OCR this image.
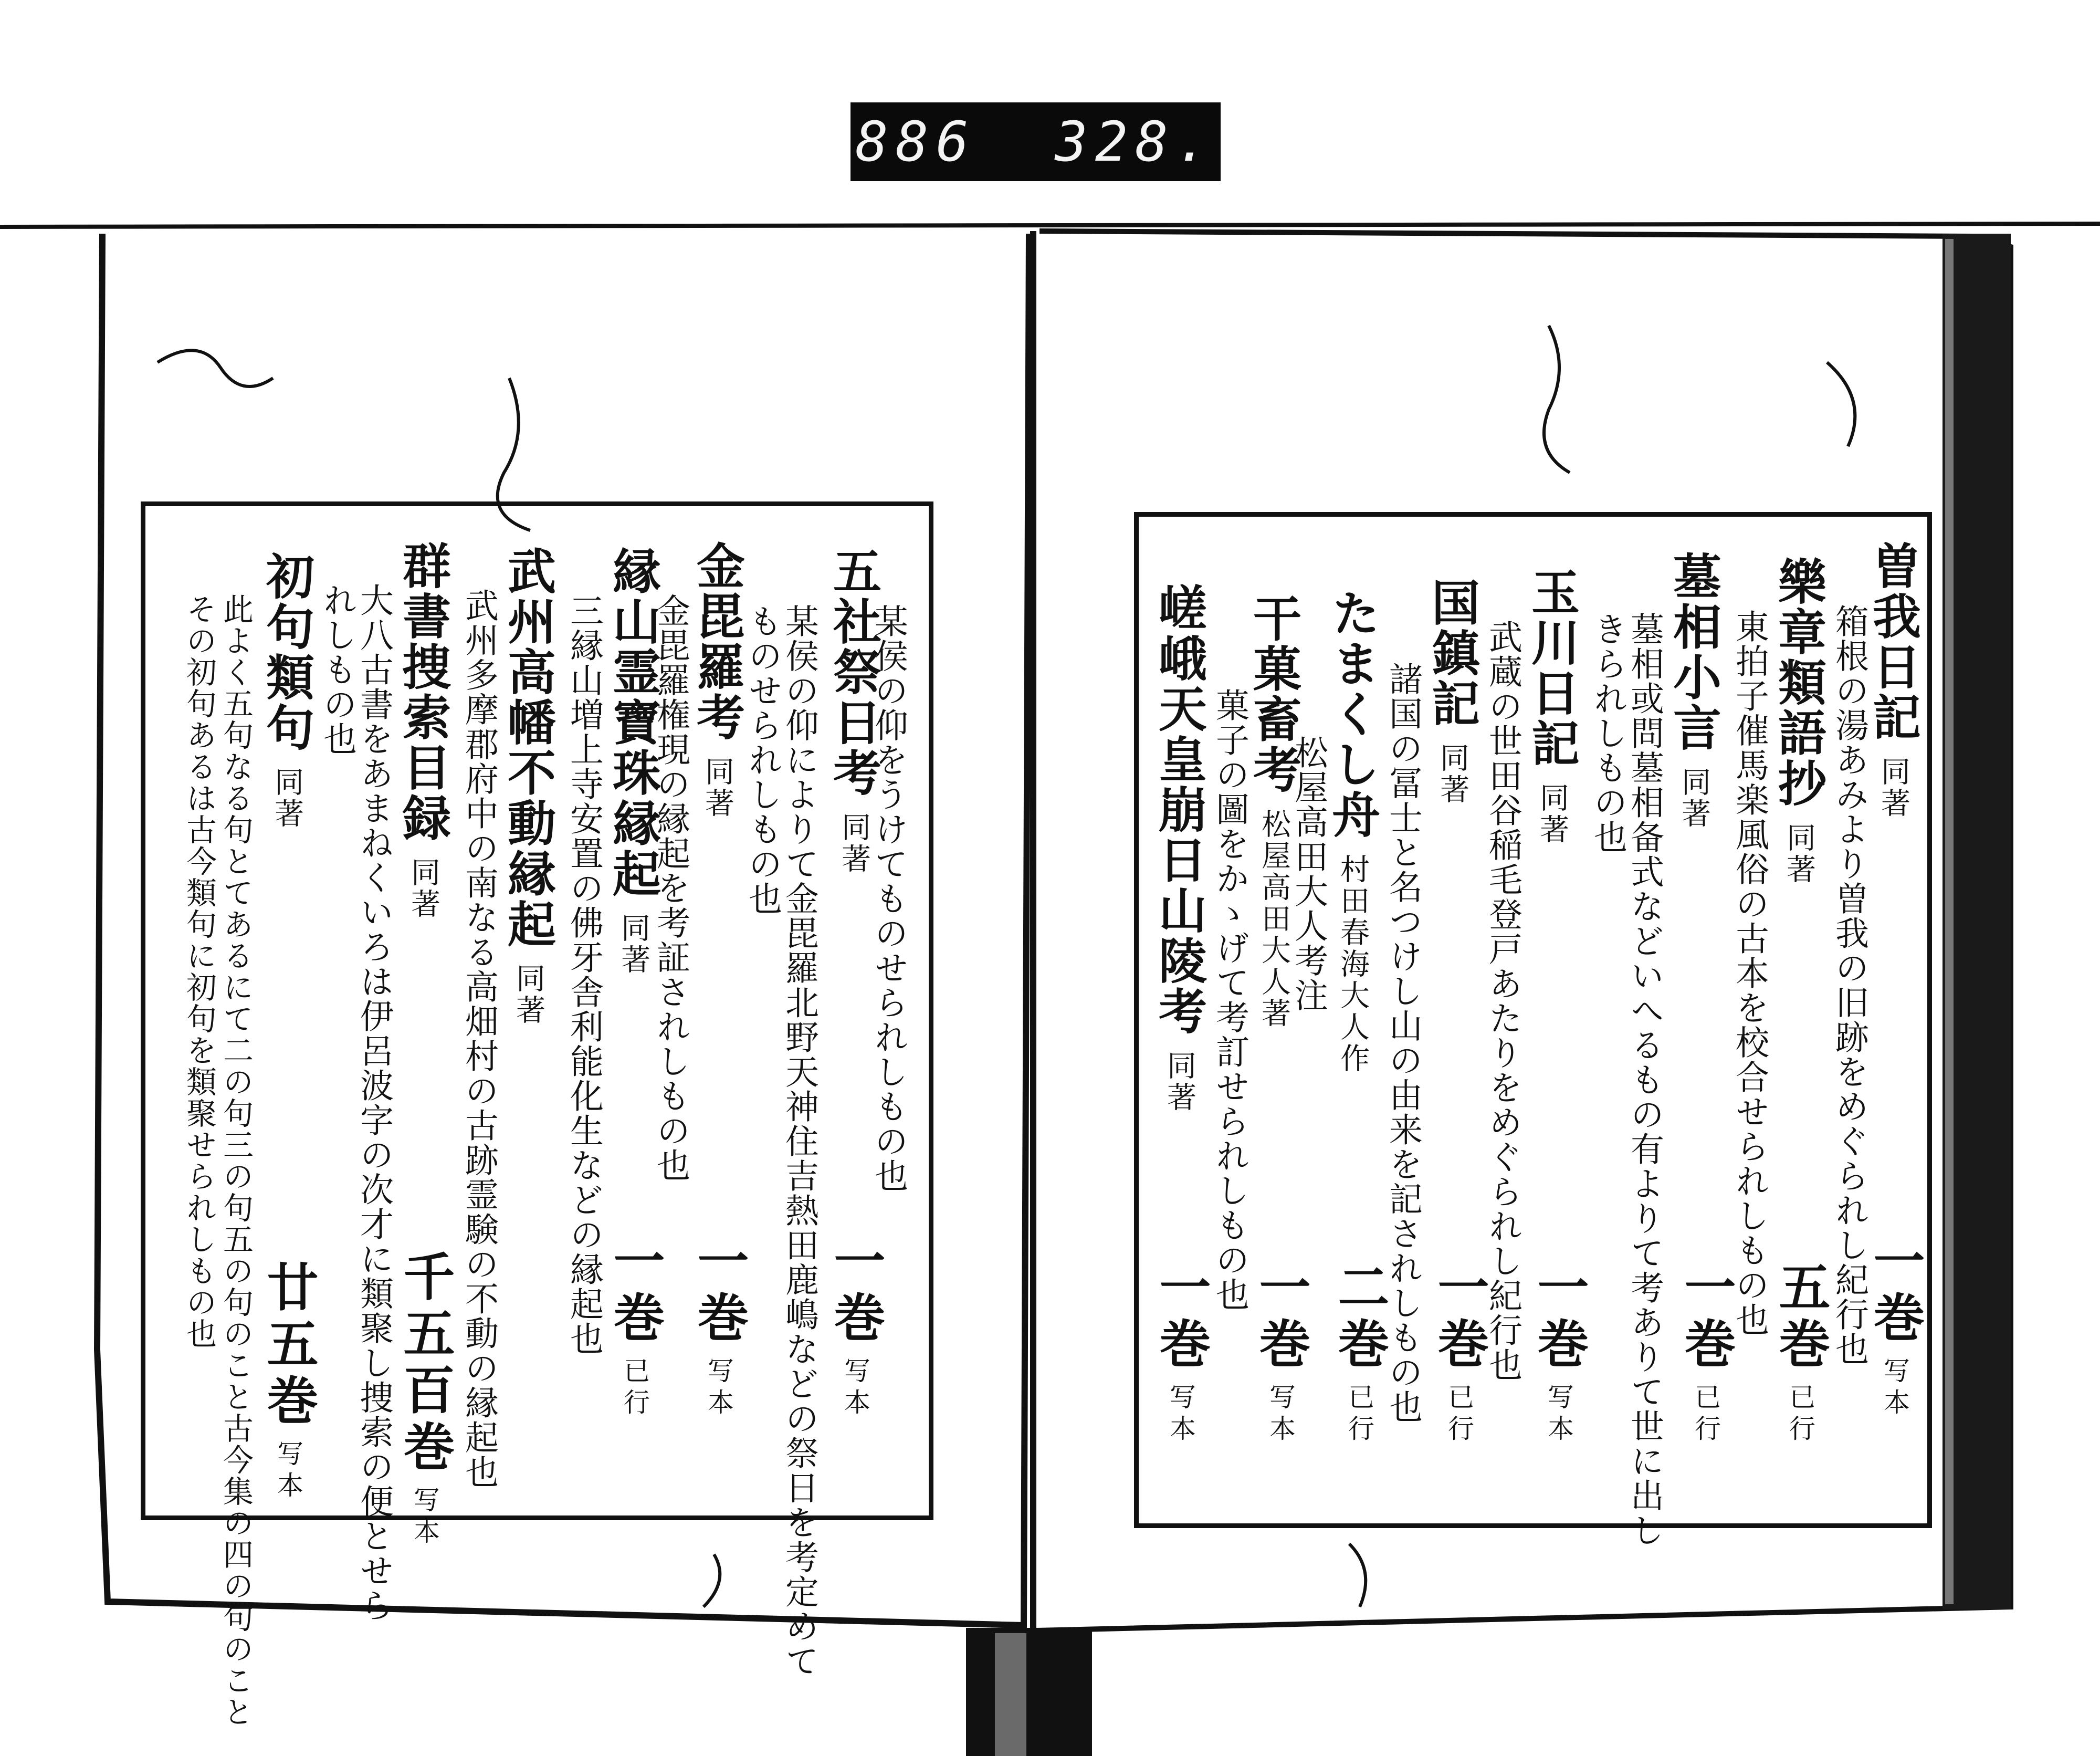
886 328.
曽我日記同著
箱根の湯あみより曽我の旧跡をめぐられし紀行也
一巻写本
樂章類語抄同著
東拍子催馬楽風俗の古本を校合せられしもの也 五巻已行
墓相小言同著
墓相或問墓相备式などいへるもの有よりて考ありて世に出し
きられしもの也
一巻已行
玉川日記同著
武蔵の世田谷稲毛登戸あたりをめぐられし紀行也 一巻写本
国鎮記同著
諸国の冨士と名つけし山の由来を記されしもの也 一巻已行
たまくし舟村田春海大人作
松屋高田大人考注
二巻已行
干菓畜考松屋高田大人著
菓子の圖をかゝげて考訂せられしもの也
一巻写本
嵯峨天皇崩日山陵考同著
一巻写本
某侯の仰をうけてものせられしもの也
一巻写本
五社祭日考同著
某侯の仰によりて金毘羅北野天神住吉熱田鹿嶋などの祭日を考定めて
ものせられしもの也
金毘羅考同著
金毘羅権現の縁起を考証されしもの也
一巻写本
縁山霊寶珠縁起同著
三縁山増上寺安置の佛牙舎利能化生などの縁起也 一巻已行
武州高幡不動縁起同著
武州多摩郡府中の南なる高畑村の古跡霊験の不動の縁起也
千五百巻写本
群書捜索目録同著
大八古書をあまねくいろは伊呂波字の次才に類聚し捜索の便とせら
れしもの也
初句類句同著
此よく五句なる句とてあるにて二の句三の句五の句のこと古今集の四の句のこと
その初句あるは古今類句に初句を類聚せられしもの也 廿五巻写本
